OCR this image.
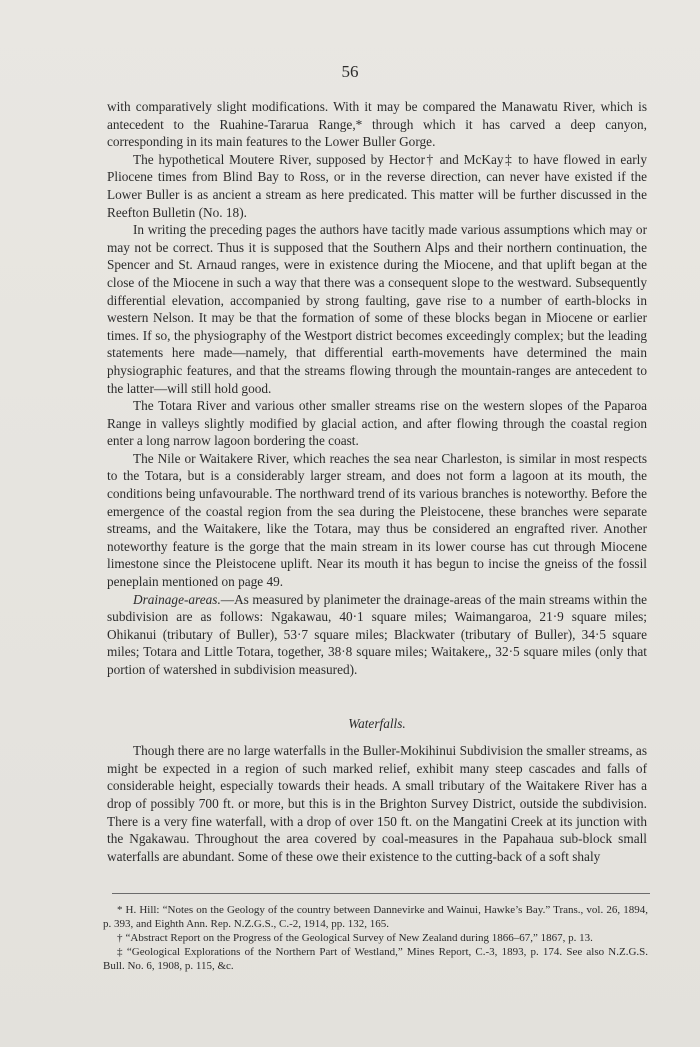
56

with comparatively slight modifications. With it may be compared the Manawatu River, which is antecedent to the Ruahine-Tararua Range,* through which it has carved a deep canyon, corresponding in its main features to the Lower Buller Gorge.

The hypothetical Moutere River, supposed by Hector† and McKay‡ to have flowed in early Pliocene times from Blind Bay to Ross, or in the reverse direction, can never have existed if the Lower Buller is as ancient a stream as here predicated. This matter will be further discussed in the Reefton Bulletin (No. 18).

In writing the preceding pages the authors have tacitly made various assumptions which may or may not be correct. Thus it is supposed that the Southern Alps and their northern continuation, the Spencer and St. Arnaud ranges, were in existence during the Miocene, and that uplift began at the close of the Miocene in such a way that there was a consequent slope to the westward. Subsequently differential elevation, accompanied by strong faulting, gave rise to a number of earth-blocks in western Nelson. It may be that the formation of some of these blocks began in Miocene or earlier times. If so, the physiography of the Westport district becomes exceedingly complex; but the leading statements here made—namely, that differential earth-movements have determined the main physiographic features, and that the streams flowing through the mountain-ranges are antecedent to the latter—will still hold good.

The Totara River and various other smaller streams rise on the western slopes of the Paparoa Range in valleys slightly modified by glacial action, and after flowing through the coastal region enter a long narrow lagoon bordering the coast.

The Nile or Waitakere River, which reaches the sea near Charleston, is similar in most respects to the Totara, but is a considerably larger stream, and does not form a lagoon at its mouth, the conditions being unfavourable. The northward trend of its various branches is noteworthy. Before the emergence of the coastal region from the sea during the Pleistocene, these branches were separate streams, and the Waitakere, like the Totara, may thus be considered an engrafted river. Another noteworthy feature is the gorge that the main stream in its lower course has cut through Miocene limestone since the Pleistocene uplift. Near its mouth it has begun to incise the gneiss of the fossil peneplain mentioned on page 49.

Drainage-areas.—As measured by planimeter the drainage-areas of the main streams within the subdivision are as follows: Ngakawau, 40·1 square miles; Waimangaroa, 21·9 square miles; Ohikanui (tributary of Buller), 53·7 square miles; Blackwater (tributary of Buller), 34·5 square miles; Totara and Little Totara, together, 38·8 square miles; Waitakere,, 32·5 square miles (only that portion of watershed in subdivision measured).

Waterfalls.

Though there are no large waterfalls in the Buller-Mokihinui Subdivision the smaller streams, as might be expected in a region of such marked relief, exhibit many steep cascades and falls of considerable height, especially towards their heads. A small tributary of the Waitakere River has a drop of possibly 700 ft. or more, but this is in the Brighton Survey District, outside the subdivision. There is a very fine waterfall, with a drop of over 150 ft. on the Mangatini Creek at its junction with the Ngakawau. Throughout the area covered by coal-measures in the Papahaua sub-block small waterfalls are abundant. Some of these owe their existence to the cutting-back of a soft shaly

* H. Hill: “Notes on the Geology of the country between Dannevirke and Wainui, Hawke’s Bay.” Trans., vol. 26, 1894, p. 393, and Eighth Ann. Rep. N.Z.G.S., C.-2, 1914, pp. 132, 165.

† “Abstract Report on the Progress of the Geological Survey of New Zealand during 1866–67,” 1867, p. 13.

‡ “Geological Explorations of the Northern Part of Westland,” Mines Report, C.-3, 1893, p. 174. See also N.Z.G.S. Bull. No. 6, 1908, p. 115, &c.
